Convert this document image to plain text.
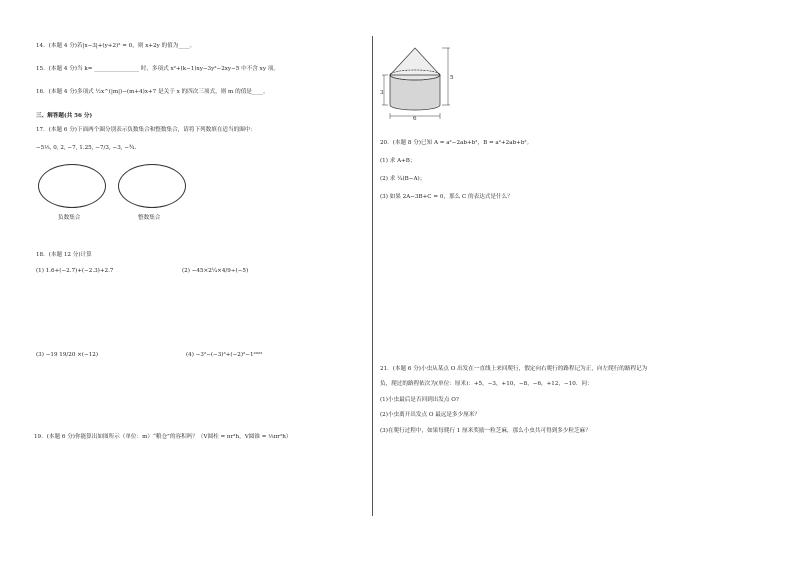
14．(本题 4 分)若|x−3|+(y+2)² = 0，则 x+2y 的值为____。
15．(本题 4 分)当 k= ________________ 时，多项式 x²+(k−1)xy−3y²−2xy−5 中不含 xy 项。
16．(本题 4 分)多项式 ½x^(|m|)−(m+4)x+7 是关于 x 的四次三项式，则 m 的值是____。
三、解答题(共 56 分)
17．(本题 6 分)下面两个圈分别表示负数集合和整数集合，请将下列数填在适当的圈中：
−5⅓, 0, 2, −7, 1.25, −7/3, −3, −¾.
负数集合	整数集合
18．(本题 12 分)计算
(1) 1.6+(−2.7)+(−2.3)+2.7	(2) −45×2¼×4/9÷(−5)
(3) −19 19/20 ×(−12)	(4) −3²−(−3)³+(−2)²−1²⁰²²
19．(本题 6 分)你能算出如图所示（单位：m）“粮仓”的容积吗？（V圆柱 = πr²h，V圆锥 = ⅓πr²h）
3
5
6
20．(本题 8 分)已知 A = a²−2ab+b²，B = a²+2ab+b²。
(1) 求 A+B；
(2) 求 ¼(B−A)；
(3) 如果 2A−3B+C = 0，那么 C 的表达式是什么？
21．(本题 6 分)小虫从某点 O 出发在一直线上来回爬行，假定向右爬行的路程记为正，向左爬行的路程记为
负，爬过的路程依次为(单位：厘米)：+5，−3，+10，−8，−6，+12，−10．问：
(1)小虫最后是否回到出发点 O?
(2)小虫离开出发点 O 最远是多少厘米？
(3)在爬行过程中，如果每爬行 1 厘米奖励一粒芝麻，那么小虫共可得到多少粒芝麻？
